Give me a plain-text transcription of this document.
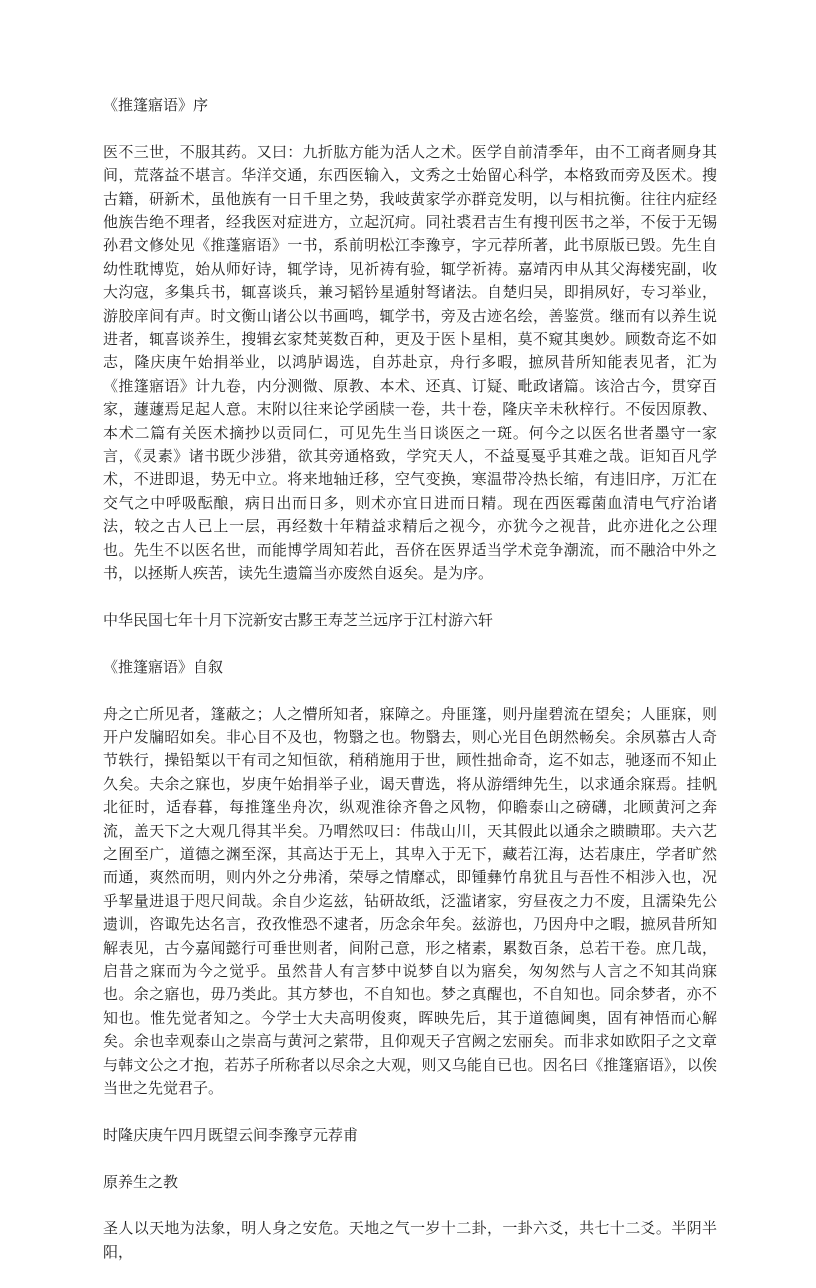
《推篷寤语》序
医不三世，不服其药。又曰：九折肱方能为活人之术。医学自前清季年，由不工商者厕身其间，荒落益不堪言。华洋交通，东西医输入，文秀之士始留心科学，本格致而旁及医术。搜古籍，研新术，虽他族有一日千里之势，我岐黄家学亦群竞发明，以与相抗衡。往往内症经他族告绝不理者，经我医对症进方，立起沉疴。同社裘君吉生有搜刊医书之举，不佞于无锡孙君文修处见《推蓬寤语》一书，系前明松江李豫亨，字元荐所著，此书原版已毁。先生自幼性耽博览，始从师好诗，辄学诗，见祈祷有验，辄学祈祷。嘉靖丙申从其父海楼宪副，收大汮寇，多集兵书，辄喜谈兵，兼习韬钤星遁射弩诸法。自楚归吴，即捐夙好，专习举业，游胶庠间有声。时文衡山诸公以书画鸣，辄学书，旁及古迹名绘，善鉴赏。继而有以养生说进者，辄喜谈养生，搜辑玄家梵荚数百种，更及于医卜星相，莫不窥其奥妙。顾数奇迄不如志，隆庆庚午始捐举业，以鸿胪谒选，自苏赴京，舟行多暇，摭夙昔所知能表见者，汇为《推篷寤语》计九卷，内分测微、原教、本术、还真、订疑、毗政诸篇。该洽古今，贯穿百家，蘧蘧焉足起人意。末附以往来论学函牍一卷，共十卷，隆庆辛未秋梓行。不佞因原教、本术二篇有关医术摘抄以贡同仁，可见先生当日谈医之一斑。何今之以医名世者墨守一家言，《灵素》诸书既少涉猎，欲其旁通格致，学究天人，不益戛戛乎其难之哉。讵知百凡学术，不进即退，势无中立。将来地轴迁移，空气变换，寒温带冷热长缩，有违旧序，万汇在交气之中呼吸酝酿，病日出而日多，则术亦宜日进而日精。现在西医霉菌血清电气疗治诸法，较之古人已上一层，再经数十年精益求精后之视今，亦犹今之视昔，此亦进化之公理也。先生不以医名世，而能博学周知若此，吾侪在医界适当学术竞争潮流，而不融洽中外之书，以拯斯人疾苦，读先生遗篇当亦废然自返矣。是为序。
中华民国七年十月下浣新安古黟王寿芝兰远序于江村游六轩
《推篷寤语》自叙
舟之亡所见者，篷蔽之；人之懵所知者，寐障之。舟匪篷，则丹崖碧流在望矣；人匪寐，则开户发牖昭如矣。非心目不及也，物翳之也。物翳去，则心光目色朗然畅矣。余夙慕古人奇节轶行，操铅椠以干有司之知恒欲，稍稍施用于世，顾性拙命奇，迄不如志，驰逐而不知止久矣。夫余之寐也，岁庚午始捐举子业，谒天曹选，将从游缙绅先生，以求通余寐焉。挂帆北征时，适春暮，每推篷坐舟次，纵观淮徐齐鲁之风物，仰瞻泰山之磅礴，北顾黄河之奔流，盖天下之大观几得其半矣。乃喟然叹曰：伟哉山川，天其假此以通余之瞆瞆耶。夫六艺之囿至广，道德之渊至深，其高达于无上，其卑入于无下，藏若江海，达若康庄，学者旷然而通，爽然而明，则内外之分弗淆，荣辱之情靡忒，即锺彝竹帛犹且与吾性不相涉入也，况乎挈量进退于咫尺间哉。余自少迄兹，钻研故纸，泛滥诸家，穷昼夜之力不废，且濡染先公遗训，咨诹先达名言，孜孜惟恐不逮者，历念余年矣。兹游也，乃因舟中之暇，摭夙昔所知解表见，古今嘉闻懿行可垂世则者，间附己意，形之楮素，累数百条，总若干卷。庶几哉，启昔之寐而为今之觉乎。虽然昔人有言梦中说梦自以为寤矣，匆匆然与人言之不知其尚寐也。余之寤也，毋乃类此。其方梦也，不自知也。梦之真醒也，不自知也。同余梦者，亦不知也。惟先觉者知之。今学士大夫高明俊爽，晖映先后，其于道德阃奥，固有神悟而心解矣。余也幸观泰山之崇高与黄河之萦带，且仰观天子宫阙之宏丽矣。而非求如欧阳子之文章与韩文公之才抱，若苏子所称者以尽余之大观，则又乌能自已也。因名曰《推篷寤语》，以俟当世之先觉君子。
时隆庆庚午四月既望云间李豫亨元荐甫
原养生之教
圣人以天地为法象，明人身之安危。天地之气一岁十二卦，一卦六爻，共七十二爻。半阴半阳，
